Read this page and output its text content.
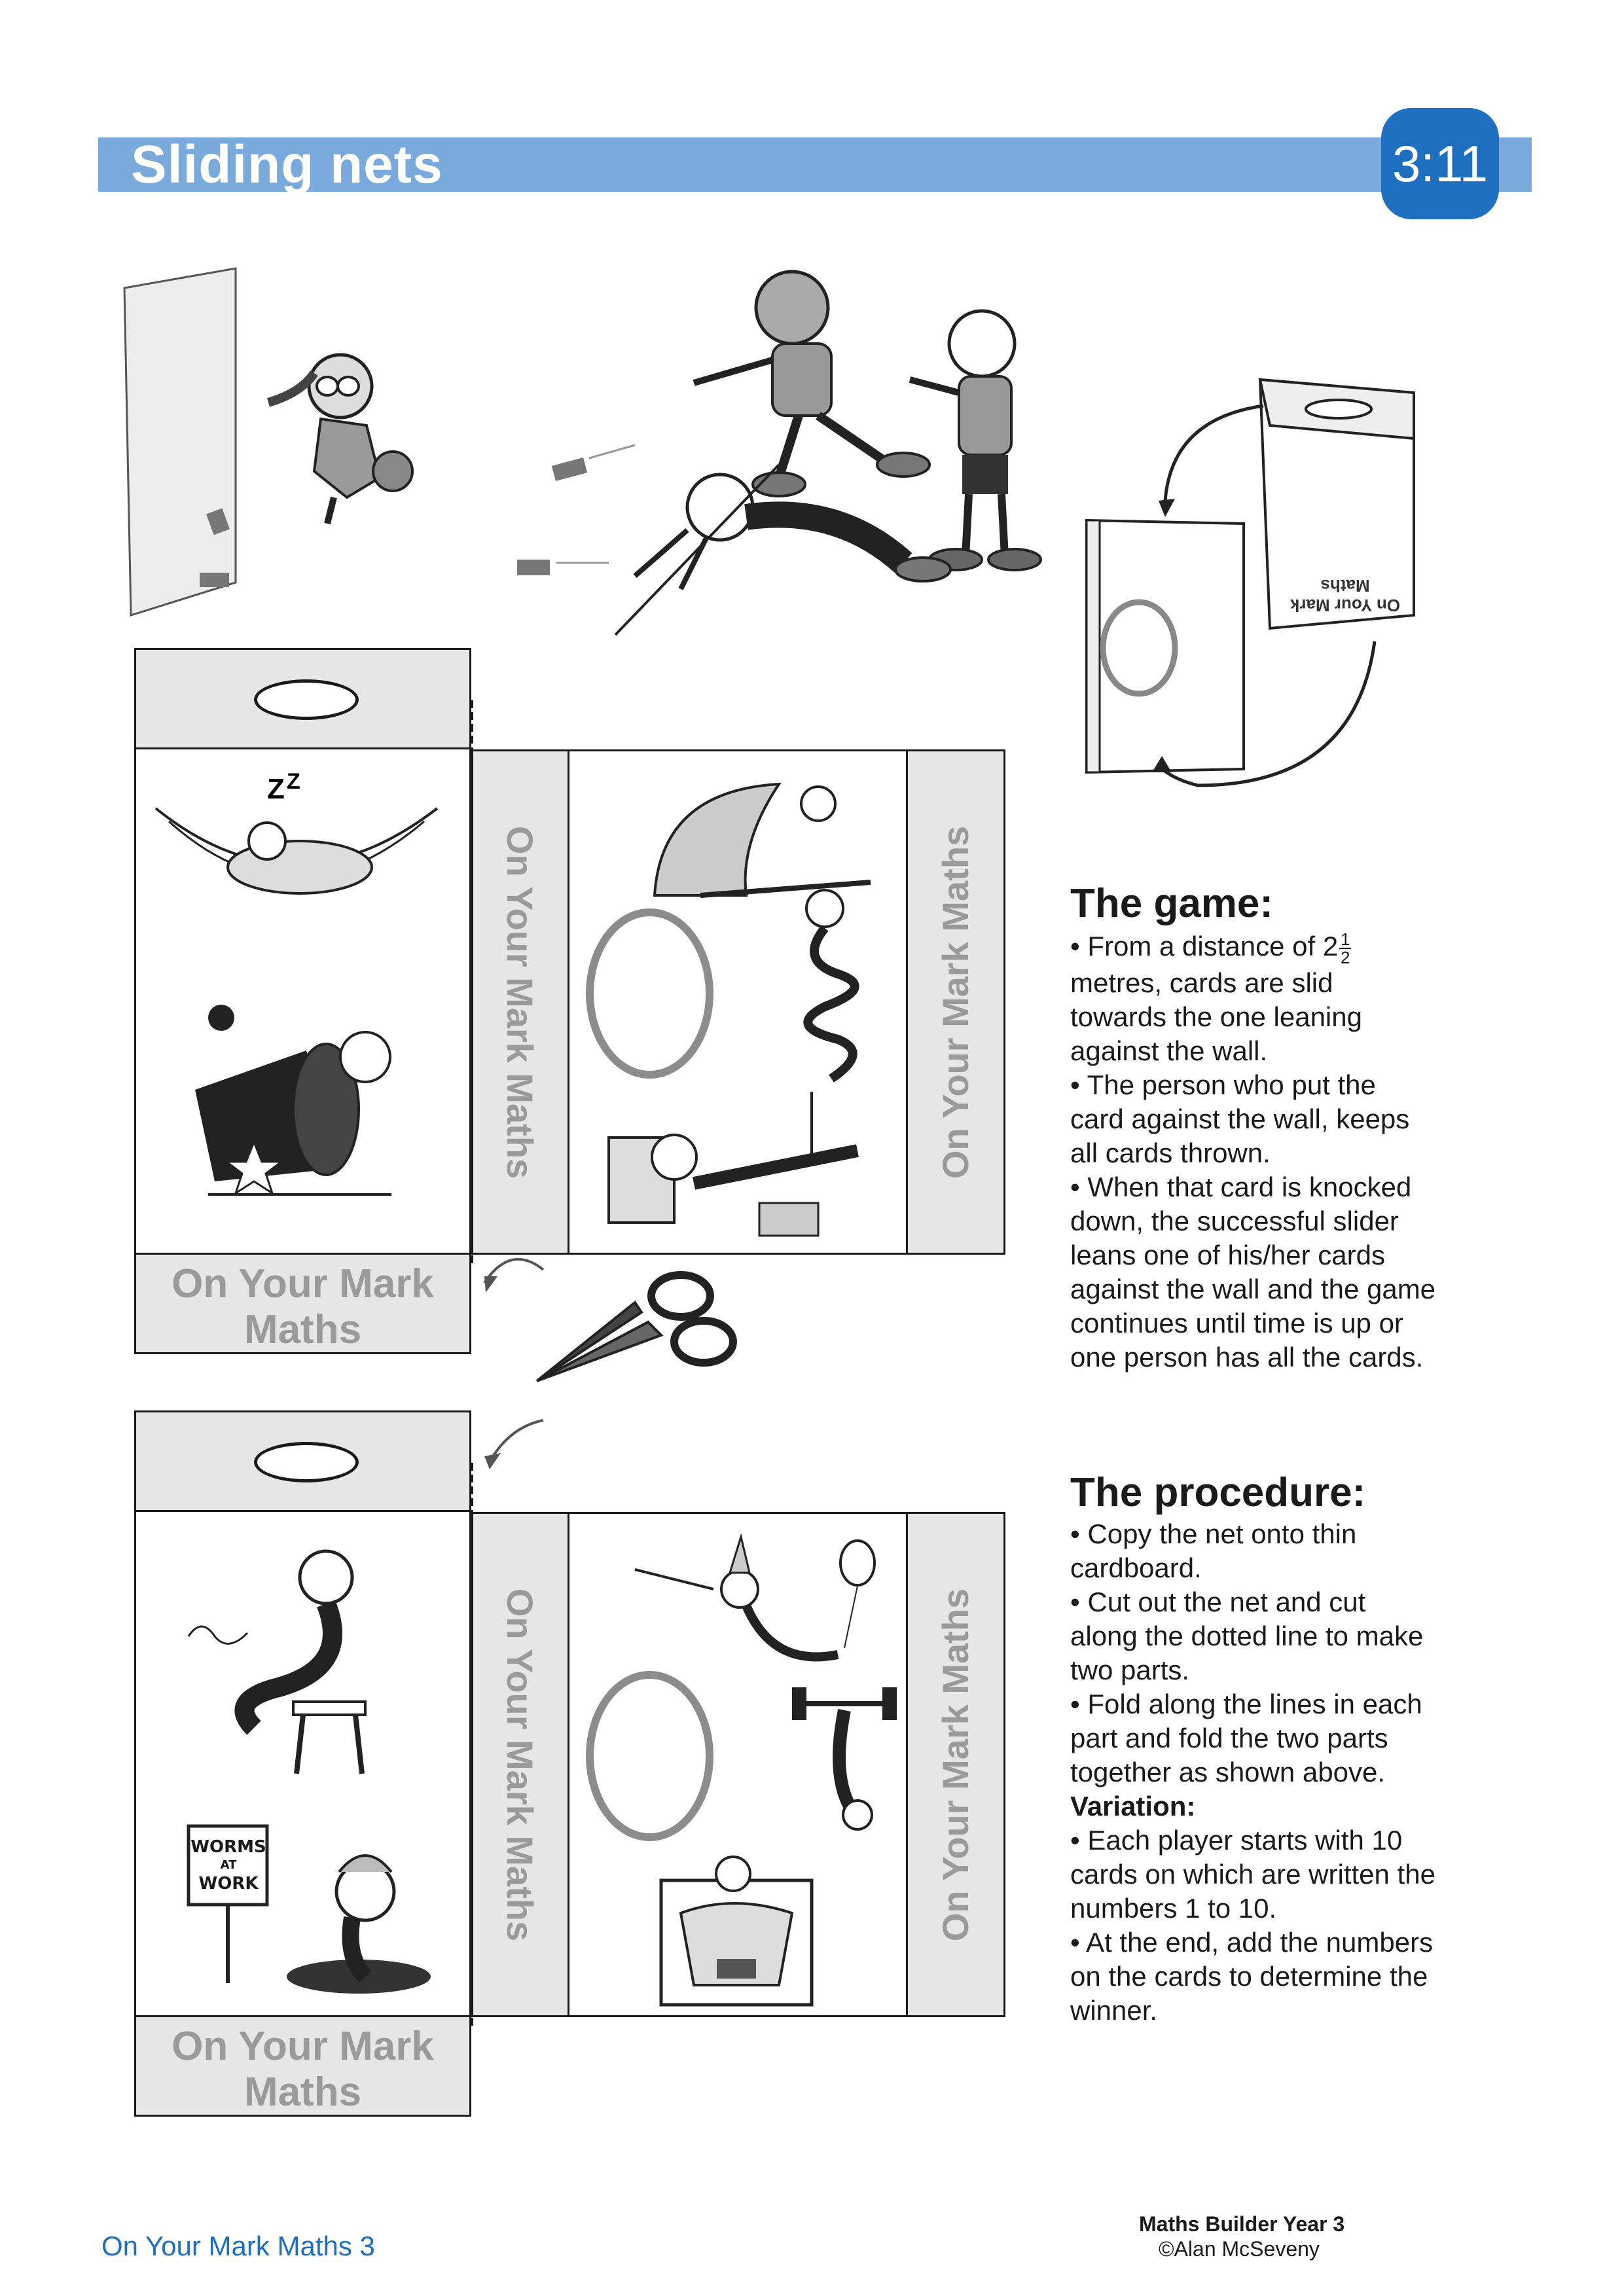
Sliding nets	3:11
On Your Mark
Maths
Z Z
On Your Mark
Maths
On Your Mark Maths	On Your Mark Maths
WORMS
AT
WORK
On Your Mark
Maths
On Your Mark Maths	On Your Mark Maths
The game:

• From a distance of $2 \frac{1}{2}$
metres, cards are slid towards the one leaning against the wall.

• The person who put the card against the wall, keeps all cards thrown.

• When that card is knocked down, the successful slider leans one of his/her cards against the wall and the game continues until time is up or one person has all the cards.

The procedure:

• Copy the net onto thin cardboard.

• Cut out the net and cut along the dotted line to make two parts.

• Fold along the lines in each part and fold the two parts together as shown above.

Variation:

• Each player starts with 10 cards on which are written the numbers 1 to 10.

• At the end, add the numbers on the cards to determine the winner.

On Your Mark Maths 3
Maths Builder Year 3
©Alan McSeveny
